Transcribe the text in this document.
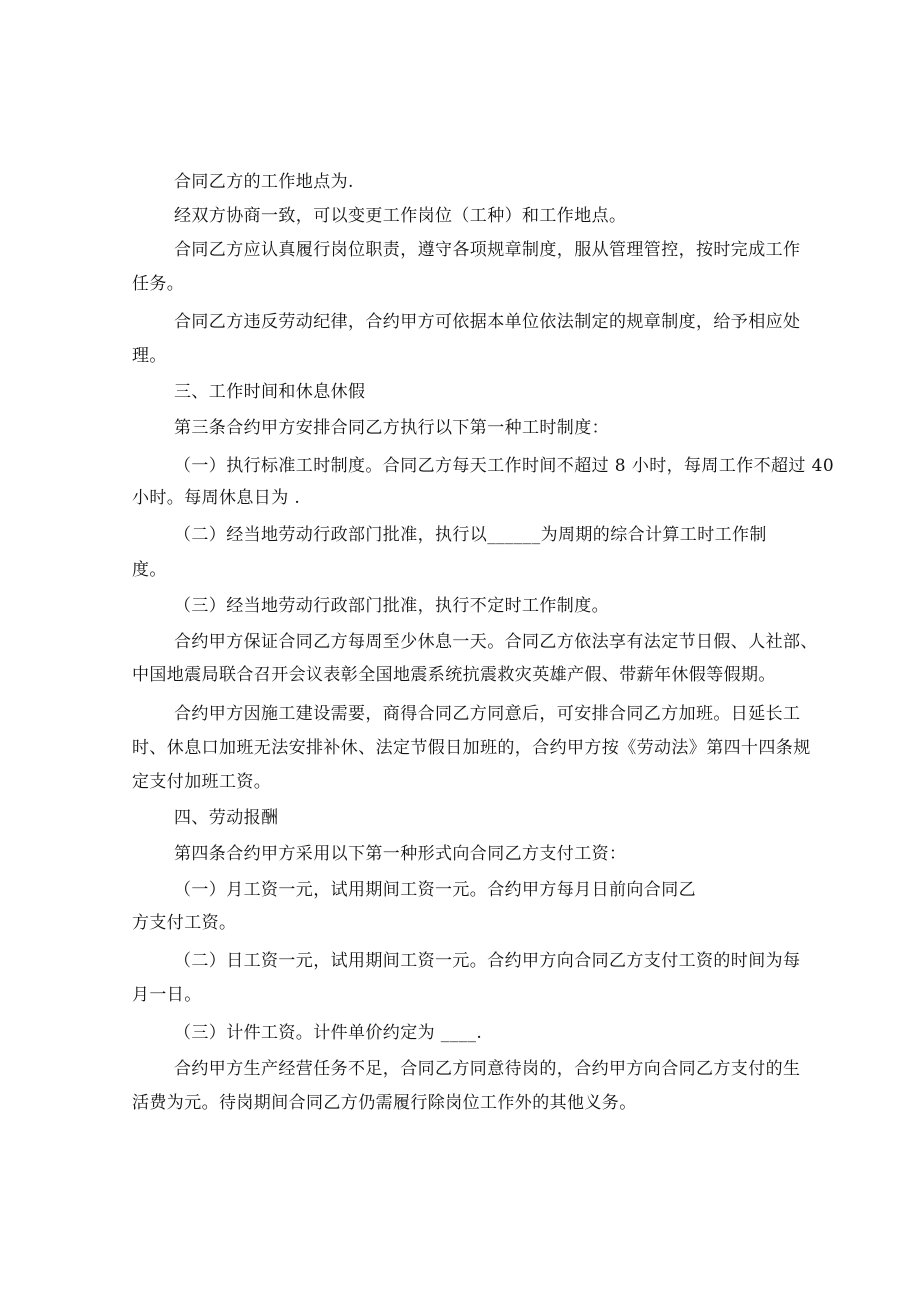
合同乙方的工作地点为.
经双方协商一致，可以变更工作岗位（工种）和工作地点。
合同乙方应认真履行岗位职责，遵守各项规章制度，服从管理管控，按时完成工作
任务。
合同乙方违反劳动纪律，合约甲方可依据本单位依法制定的规章制度，给予相应处
理。
三、工作时间和休息休假
第三条合约甲方安排合同乙方执行以下第一种工时制度：
（一）执行标准工时制度。合同乙方每天工作时间不超过 8 小时，每周工作不超过 40
小时。每周休息日为 .
（二）经当地劳动行政部门批准，执行以______为周期的综合计算工时工作制
度。
（三）经当地劳动行政部门批准，执行不定时工作制度。
合约甲方保证合同乙方每周至少休息一天。合同乙方依法享有法定节日假、人社部、
中国地震局联合召开会议表彰全国地震系统抗震救灾英雄产假、带薪年休假等假期。
合约甲方因施工建设需要，商得合同乙方同意后，可安排合同乙方加班。日延长工
时、休息口加班无法安排补休、法定节假日加班的，合约甲方按《劳动法》第四十四条规
定支付加班工资。
四、劳动报酬
第四条合约甲方采用以下第一种形式向合同乙方支付工资：
（一）月工资一元，试用期间工资一元。合约甲方每月日前向合同乙
方支付工资。
（二）日工资一元，试用期间工资一元。合约甲方向合同乙方支付工资的时间为每
月一日。
（三）计件工资。计件单价约定为 ____.
合约甲方生产经营任务不足，合同乙方同意待岗的，合约甲方向合同乙方支付的生
活费为元。待岗期间合同乙方仍需履行除岗位工作外的其他义务。
